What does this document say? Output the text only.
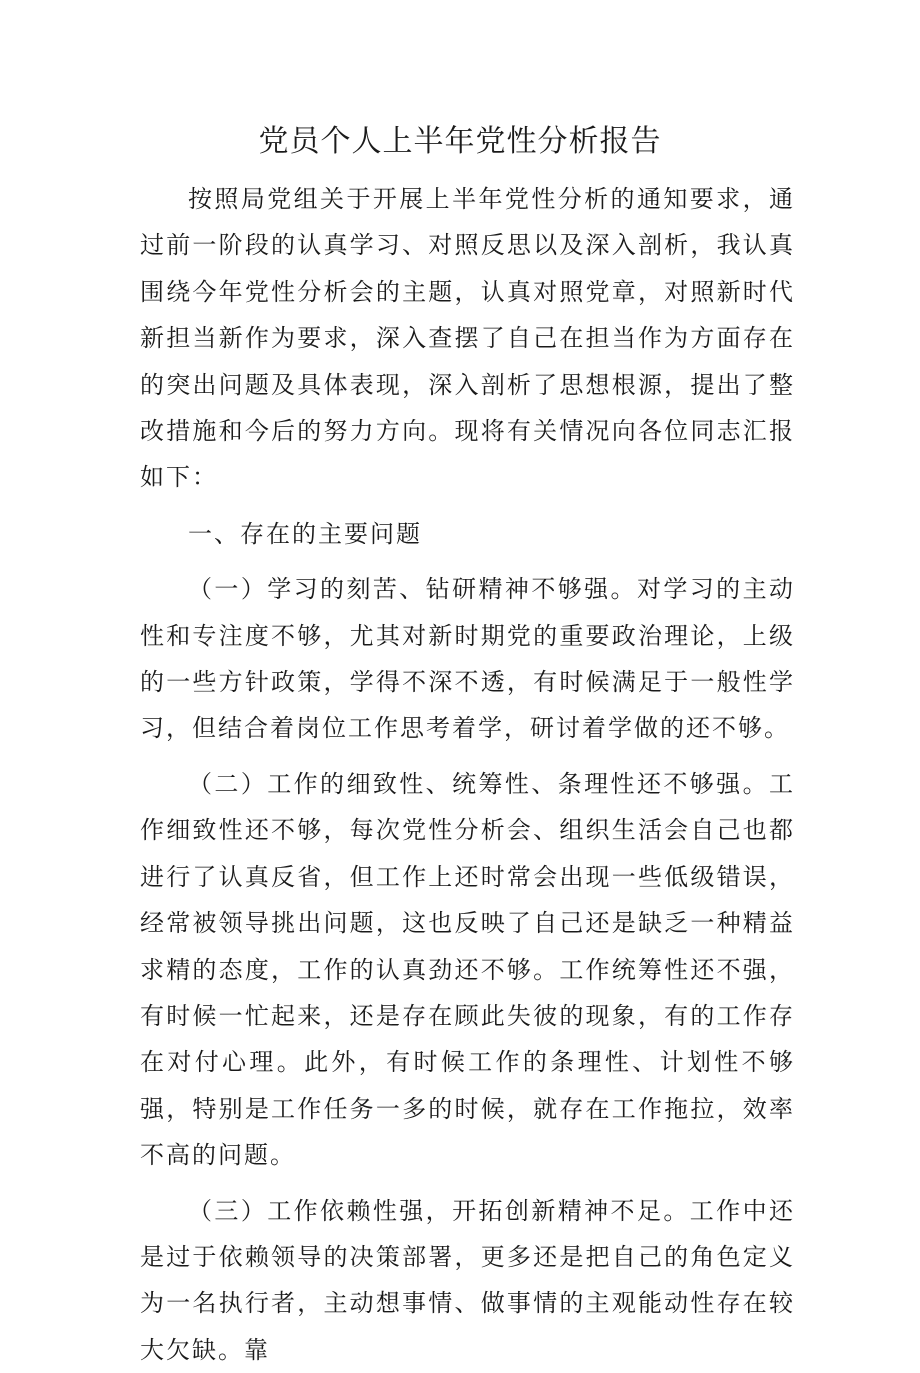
党员个人上半年党性分析报告

按照局党组关于开展上半年党性分析的通知要求，通过前一阶段的认真学习、对照反思以及深入剖析，我认真围绕今年党性分析会的主题，认真对照党章，对照新时代新担当新作为要求，深入查摆了自己在担当作为方面存在的突出问题及具体表现，深入剖析了思想根源，提出了整改措施和今后的努力方向。现将有关情况向各位同志汇报如下：

一、存在的主要问题

（一）学习的刻苦、钻研精神不够强。对学习的主动性和专注度不够，尤其对新时期党的重要政治理论，上级的一些方针政策，学得不深不透，有时候满足于一般性学习，但结合着岗位工作思考着学，研讨着学做的还不够。

（二）工作的细致性、统筹性、条理性还不够强。工作细致性还不够，每次党性分析会、组织生活会自己也都进行了认真反省，但工作上还时常会出现一些低级错误，经常被领导挑出问题，这也反映了自己还是缺乏一种精益求精的态度，工作的认真劲还不够。工作统筹性还不强，有时候一忙起来，还是存在顾此失彼的现象，有的工作存在对付心理。此外，有时候工作的条理性、计划性不够强，特别是工作任务一多的时候，就存在工作拖拉，效率不高的问题。

（三）工作依赖性强，开拓创新精神不足。工作中还是过于依赖领导的决策部署，更多还是把自己的角色定义为一名执行者，主动想事情、做事情的主观能动性存在较大欠缺。靠
